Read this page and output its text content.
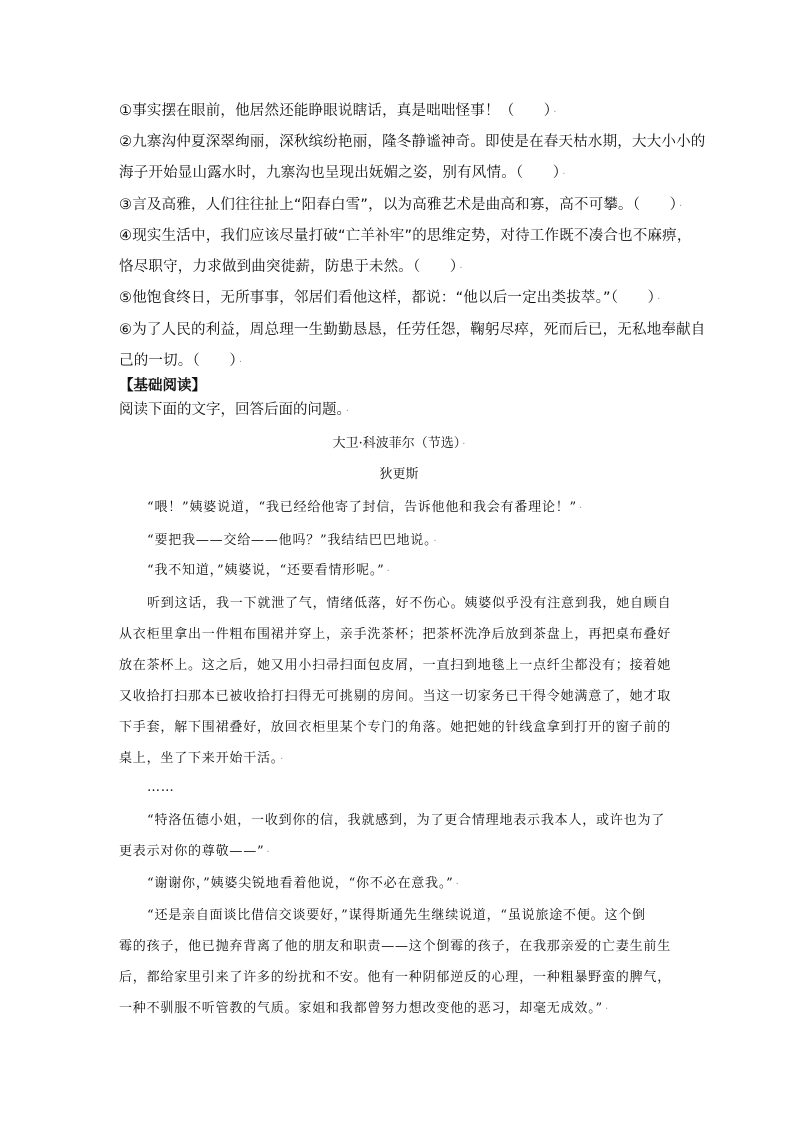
①事实摆在眼前，他居然还能睁眼说瞎话，真是咄咄怪事！（　　） ·
②九寨沟仲夏深翠绚丽，深秋缤纷艳丽，隆冬静谧神奇。即使是在春天枯水期，大大小小的
海子开始显山露水时，九寨沟也呈现出妩媚之姿，别有风情。（　　） ·
③言及高雅，人们往往扯上“阳春白雪”，以为高雅艺术是曲高和寡，高不可攀。（　　） ·
④现实生活中，我们应该尽量打破“亡羊补牢”的思维定势，对待工作既不凑合也不麻痹，
恪尽职守，力求做到曲突徙薪，防患于未然。（　　） ·
⑤他饱食终日，无所事事，邻居们看他这样，都说：“他以后一定出类拔萃。”（　　） ·
⑥为了人民的利益，周总理一生勤勤恳恳，任劳任怨，鞠躬尽瘁，死而后已，无私地奉献自
己的一切。（　　） ·
【基础阅读】
阅读下面的文字，回答后面的问题。 ·
大卫·科波菲尔（节选） ·
狄更斯
“喂！”姨婆说道，“我已经给他寄了封信，告诉他他和我会有番理论！” ·
“要把我——交给——他吗？”我结结巴巴地说。 ·
“我不知道，”姨婆说，“还要看情形呢。” ·
听到这话，我一下就泄了气，情绪低落，好不伤心。姨婆似乎没有注意到我，她自顾自
从衣柜里拿出一件粗布围裙并穿上，亲手洗茶杯；把茶杯洗净后放到茶盘上，再把桌布叠好
放在茶杯上。这之后，她又用小扫帚扫面包皮屑，一直扫到地毯上一点纤尘都没有；接着她
又收拾打扫那本已被收拾打扫得无可挑剔的房间。当这一切家务已干得令她满意了，她才取
下手套，解下围裙叠好，放回衣柜里某个专门的角落。她把她的针线盒拿到打开的窗子前的
桌上，坐了下来开始干活。 ·
……
“特洛伍德小姐，一收到你的信，我就感到，为了更合情理地表示我本人，或许也为了
更表示对你的尊敬——” ·
“谢谢你，”姨婆尖锐地看着他说，“你不必在意我。” ·
“还是亲自面谈比借信交谈要好，”谋得斯通先生继续说道，“虽说旅途不便。这个倒
霉的孩子，他已抛弃背离了他的朋友和职责——这个倒霉的孩子，在我那亲爱的亡妻生前生
后，都给家里引来了许多的纷扰和不安。他有一种阴郁逆反的心理，一种粗暴野蛮的脾气，
一种不驯服不听管教的气质。家姐和我都曾努力想改变他的恶习，却毫无成效。” ·
